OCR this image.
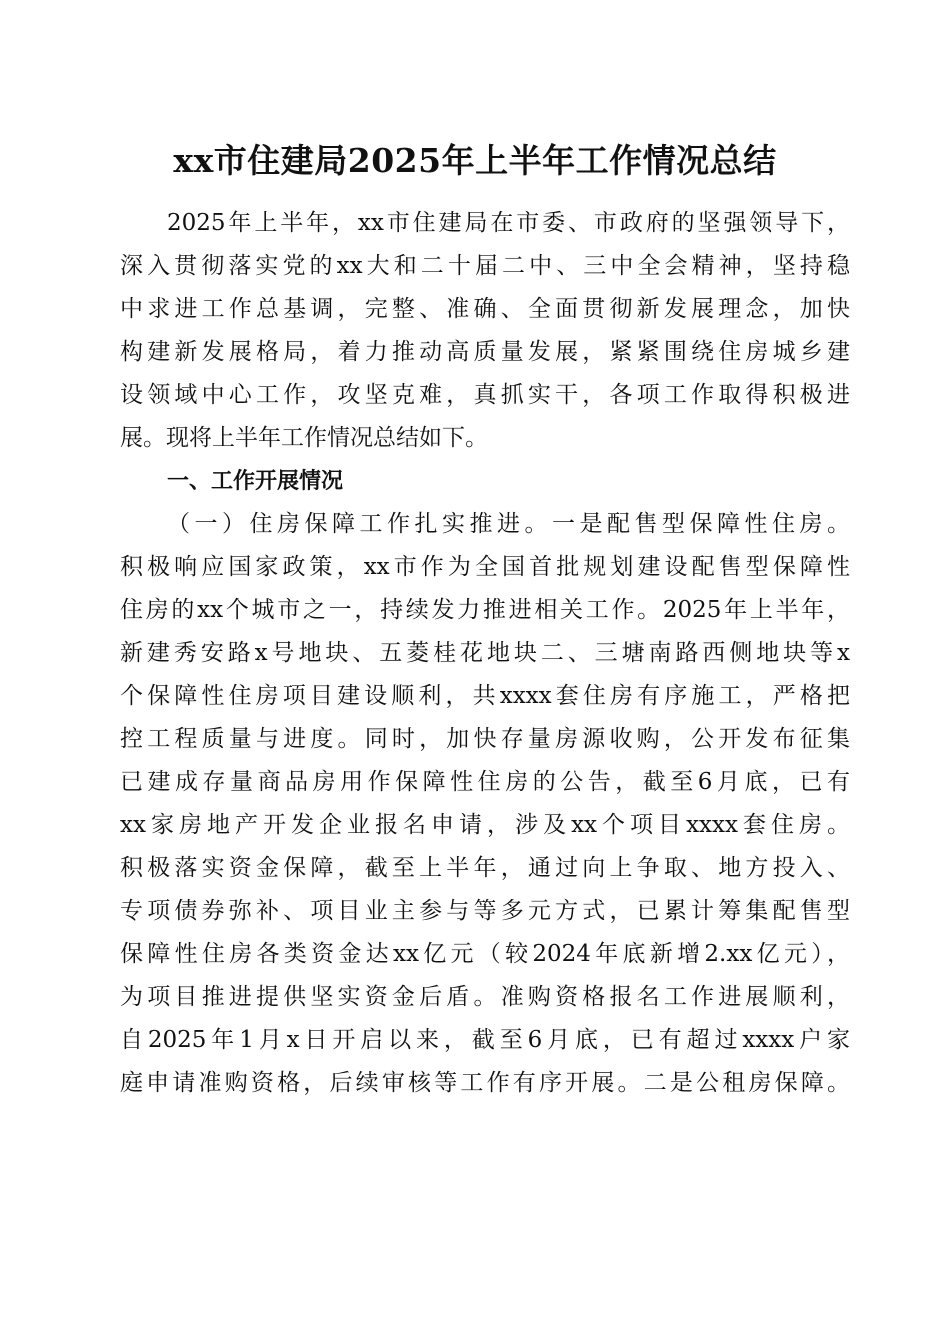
xx市住建局2025年上半年工作情况总结
2025年上半年，xx市住建局在市委、市政府的坚强领导下，
深入贯彻落实党的xx大和二十届二中、三中全会精神，坚持稳
中求进工作总基调，完整、准确、全面贯彻新发展理念，加快
构建新发展格局，着力推动高质量发展，紧紧围绕住房城乡建
设领域中心工作，攻坚克难，真抓实干，各项工作取得积极进
展。现将上半年工作情况总结如下。
一、工作开展情况
（一）住房保障工作扎实推进。一是配售型保障性住房。
积极响应国家政策，xx市作为全国首批规划建设配售型保障性
住房的xx个城市之一，持续发力推进相关工作。2025年上半年，
新建秀安路x号地块、五菱桂花地块二、三塘南路西侧地块等x
个保障性住房项目建设顺利，共xxxx套住房有序施工，严格把
控工程质量与进度。同时，加快存量房源收购，公开发布征集
已建成存量商品房用作保障性住房的公告，截至6月底，已有
xx家房地产开发企业报名申请，涉及xx个项目xxxx套住房。
积极落实资金保障，截至上半年，通过向上争取、地方投入、
专项债券弥补、项目业主参与等多元方式，已累计筹集配售型
保障性住房各类资金达xx亿元（较2024年底新增2.xx亿元），
为项目推进提供坚实资金后盾。准购资格报名工作进展顺利，
自2025年1月x日开启以来，截至6月底，已有超过xxxx户家
庭申请准购资格，后续审核等工作有序开展。二是公租房保障。
